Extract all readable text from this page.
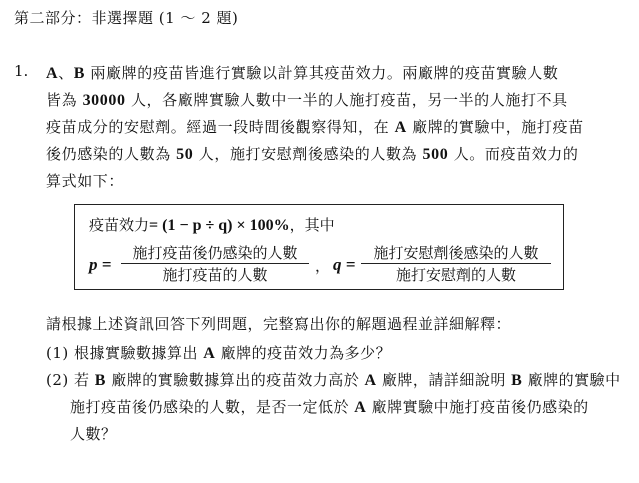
第二部分：非選擇題 (1 ～ 2 題)
1. A、B 兩廠牌的疫苗皆進行實驗以計算其疫苗效力。兩廠牌的疫苗實驗人數
皆為 30000 人，各廠牌實驗人數中一半的人施打疫苗，另一半的人施打不具
疫苗成分的安慰劑。經過一段時間後觀察得知，在 A 廠牌的實驗中，施打疫苗
後仍感染的人數為 50 人，施打安慰劑後感染的人數為 500 人。而疫苗效力的
算式如下：
疫苗效力= (1 − p ÷ q) × 100%，其中
p =
施打疫苗後仍感染的人數
施打疫苗的人數	， q =
施打安慰劑後感染的人數
施打安慰劑的人數
請根據上述資訊回答下列問題，完整寫出你的解題過程並詳細解釋：
(1) 根據實驗數據算出 A 廠牌的疫苗效力為多少？
(2) 若 B 廠牌的實驗數據算出的疫苗效力高於 A 廠牌，請詳細說明 B 廠牌的實驗中
施打疫苗後仍感染的人數，是否一定低於 A 廠牌實驗中施打疫苗後仍感染的
人數？
